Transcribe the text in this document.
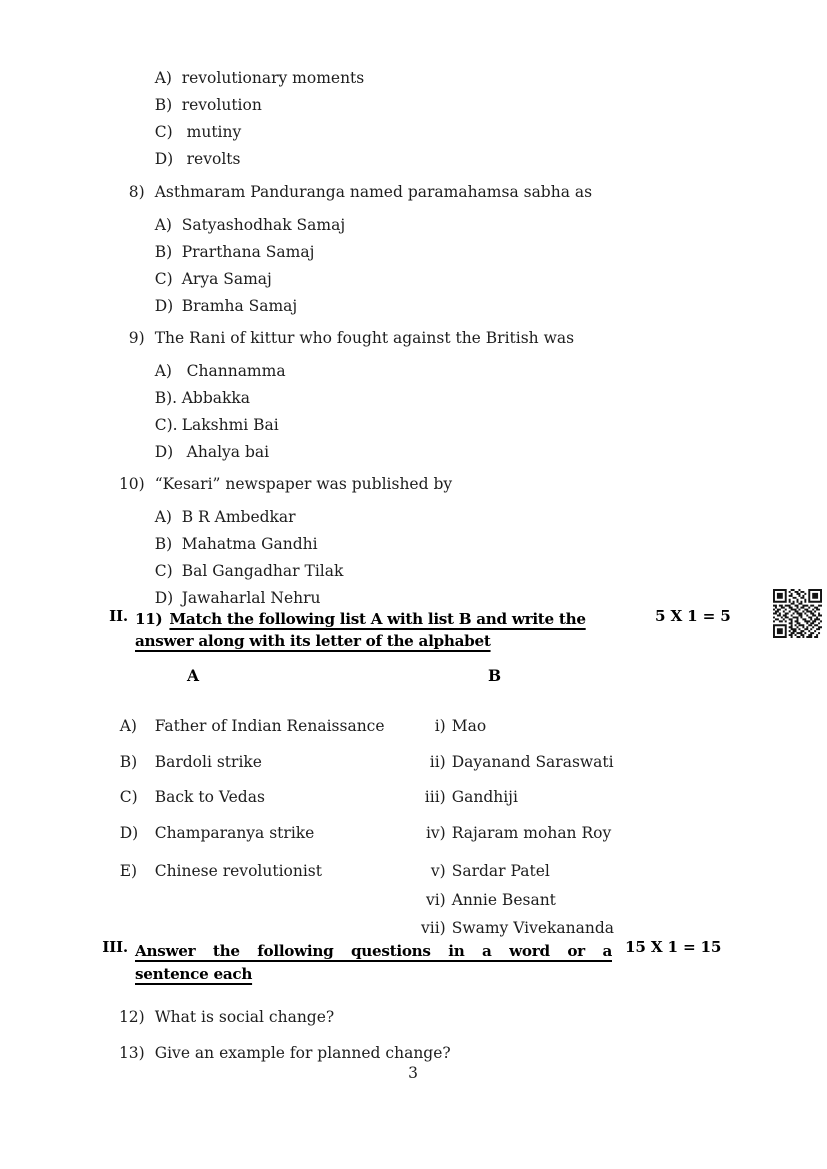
A) revolutionary moments

B) revolution

C) mutiny

D) revolts

8) Asthmaram Panduranga named paramahamsa sabha as

A) Satyashodhak Samaj

B) Prarthana Samaj

C) Arya Samaj

D) Bramha Samaj

9) The Rani of kittur who fought against the British was

A) Channamma

B). Abbakka

C). Lakshmi Bai

D) Ahalya bai

10) “Kesari” newspaper was published by

A) B R Ambedkar

B) Mahatma Gandhi

C) Bal Gangadhar Tilak

D) Jawaharlal Nehru

II. 11) Match the following list A with list B and write the
answer along with its letter of the alphabet
5 X 1 = 5
A	B

A) Father of Indian Renaissance

B) Bardoli strike

C) Back to Vedas

D) Champaranya strike

E) Chinese revolutionist

i) Mao

ii) Dayanand Saraswati

iii) Gandhiji

iv) Rajaram mohan Roy

v) Sardar Patel

vi) Annie Besant

vii) Swamy Vivekananda

III. Answer the following questions in a word or a
sentence each
15 X 1 = 15

12) What is social change?

13) Give an example for planned change?

3
